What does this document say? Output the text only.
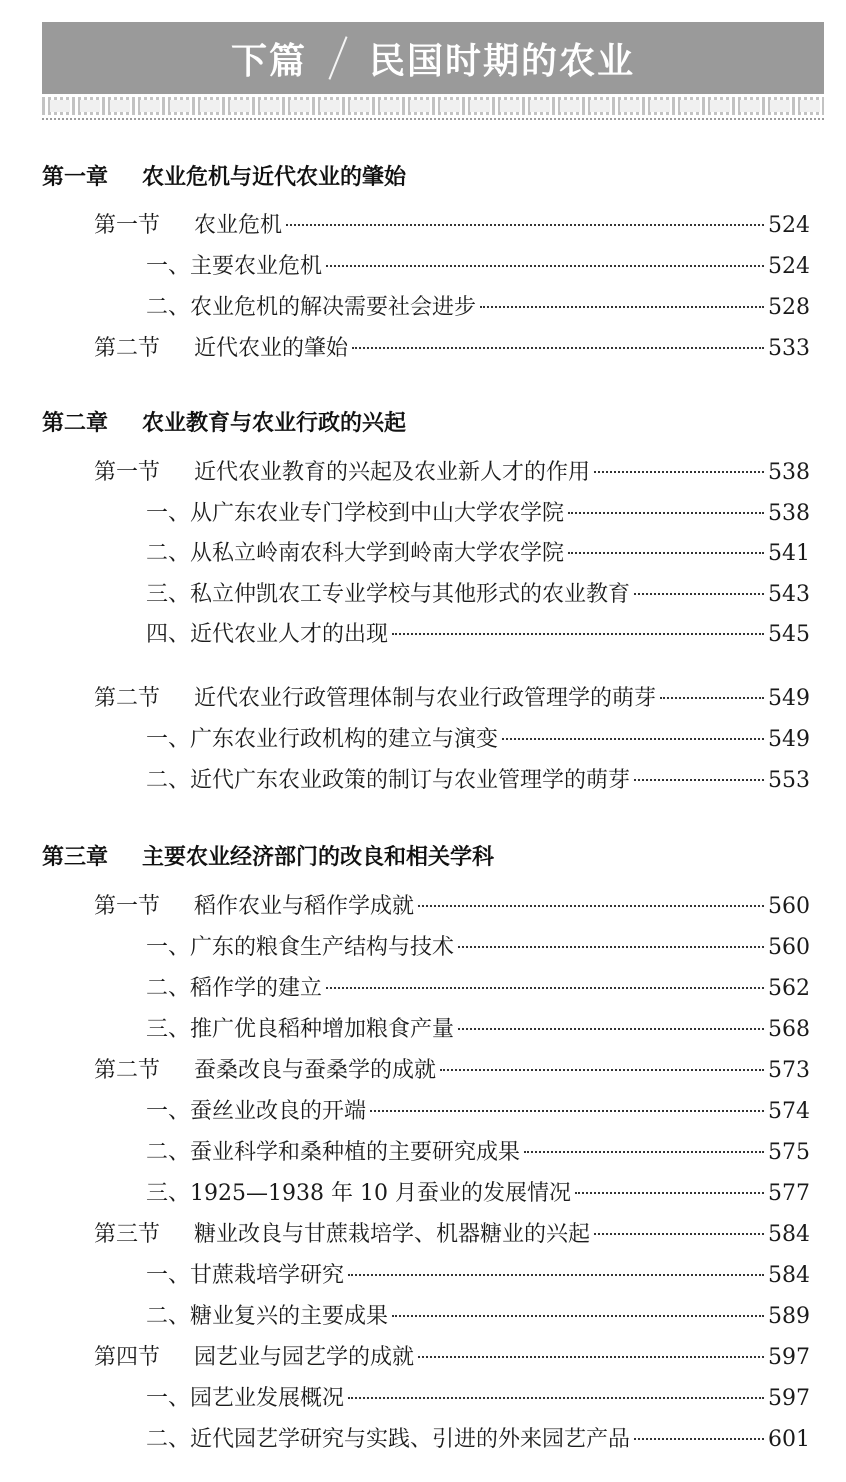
下篇 民国时期的农业
第一章 农业危机与近代农业的肇始
第一节 农业危机	524
一、主要农业危机	524
二、农业危机的解决需要社会进步	528
第二节 近代农业的肇始	533
第二章 农业教育与农业行政的兴起
第一节 近代农业教育的兴起及农业新人才的作用	538
一、从广东农业专门学校到中山大学农学院	538
二、从私立岭南农科大学到岭南大学农学院	541
三、私立仲凯农工专业学校与其他形式的农业教育	543
四、近代农业人才的出现	545
第二节 近代农业行政管理体制与农业行政管理学的萌芽	549
一、广东农业行政机构的建立与演变	549
二、近代广东农业政策的制订与农业管理学的萌芽	553
第三章 主要农业经济部门的改良和相关学科
第一节 稻作农业与稻作学成就	560
一、广东的粮食生产结构与技术	560
二、稻作学的建立	562
三、推广优良稻种增加粮食产量	568
第二节 蚕桑改良与蚕桑学的成就	573
一、蚕丝业改良的开端	574
二、蚕业科学和桑种植的主要研究成果	575
三、1925—1938 年 10 月蚕业的发展情况	577
第三节 糖业改良与甘蔗栽培学、机器糖业的兴起	584
一、甘蔗栽培学研究	584
二、糖业复兴的主要成果	589
第四节 园艺业与园艺学的成就	597
一、园艺业发展概况	597
二、近代园艺学研究与实践、引进的外来园艺产品	601
